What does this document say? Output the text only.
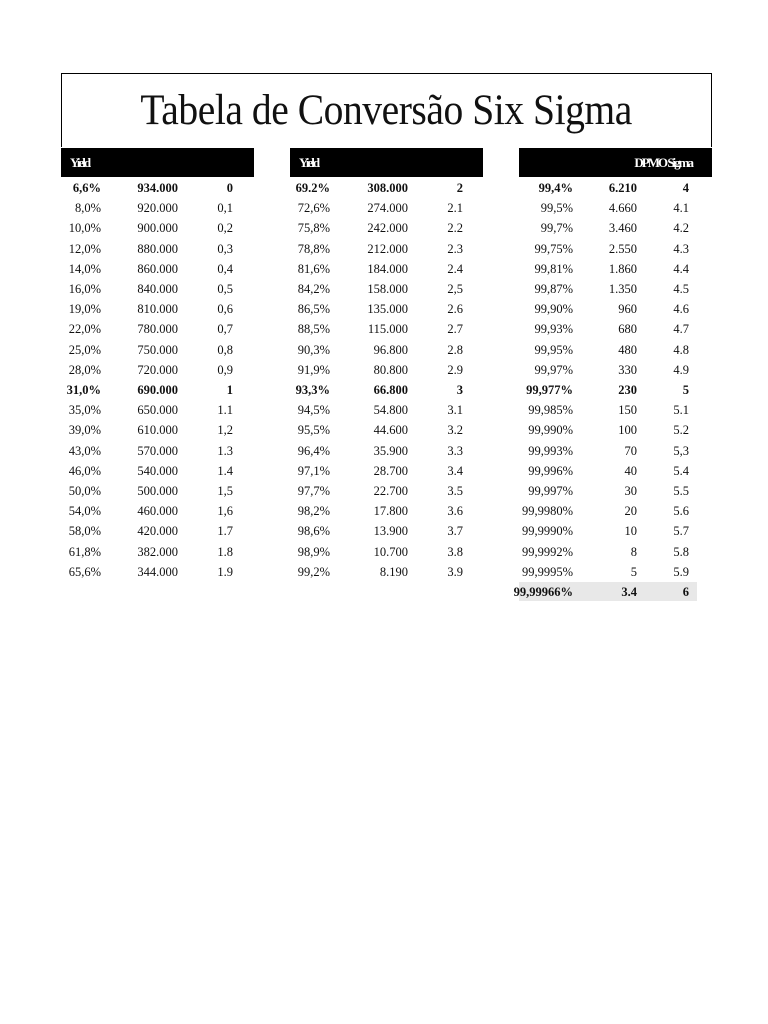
Tabela de Conversão Six Sigma
Yield	Yield	DPMO Sigma
6,6%	934.000	0
8,0%	920.000	0,1
10,0%	900.000	0,2
12,0%	880.000	0,3
14,0%	860.000	0,4
16,0%	840.000	0,5
19,0%	810.000	0,6
22,0%	780.000	0,7
25,0%	750.000	0,8
28,0%	720.000	0,9
31,0%	690.000	1
35,0%	650.000	1.1
39,0%	610.000	1,2
43,0%	570.000	1.3
46,0%	540.000	1.4
50,0%	500.000	1,5
54,0%	460.000	1,6
58,0%	420.000	1.7
61,8%	382.000	1.8
65,6%	344.000	1.9
69.2%	308.000	2
72,6%	274.000	2.1
75,8%	242.000	2.2
78,8%	212.000	2.3
81,6%	184.000	2.4
84,2%	158.000	2,5
86,5%	135.000	2.6
88,5%	115.000	2.7
90,3%	96.800	2.8
91,9%	80.800	2.9
93,3%	66.800	3
94,5%	54.800	3.1
95,5%	44.600	3.2
96,4%	35.900	3.3
97,1%	28.700	3.4
97,7%	22.700	3.5
98,2%	17.800	3.6
98,6%	13.900	3.7
98,9%	10.700	3.8
99,2%	8.190	3.9
99,4%	6.210	4
99,5%	4.660	4.1
99,7%	3.460	4.2
99,75%	2.550	4.3
99,81%	1.860	4.4
99,87%	1.350	4.5
99,90%	960	4.6
99,93%	680	4.7
99,95%	480	4.8
99,97%	330	4.9
99,977%	230	5
99,985%	150	5.1
99,990%	100	5.2
99,993%	70	5,3
99,996%	40	5.4
99,997%	30	5.5
99,9980%	20	5.6
99,9990%	10	5.7
99,9992%	8	5.8
99,9995%	5	5.9
99,99966%	3.4	6
